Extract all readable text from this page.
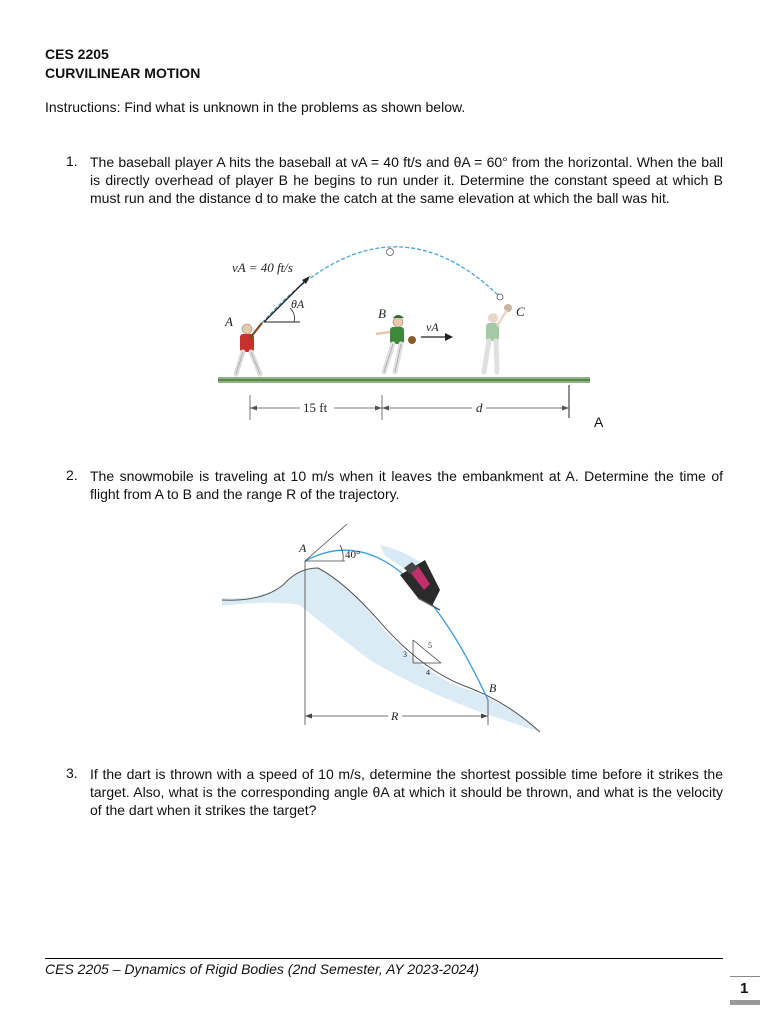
CES 2205
CURVILINEAR MOTION
Instructions: Find what is unknown in the problems as shown below.
1. The baseball player A hits the baseball at vA = 40 ft/s and θA = 60° from the horizontal. When the ball is directly overhead of player B he begins to run under it. Determine the constant speed at which B must run and the distance d to make the catch at the same elevation at which the ball was hit.
vA = 40 ft/s
θA
A
B
vA
C
15 ft	d
A
40°
A
3
5
4
B
R
2. The snowmobile is traveling at 10 m/s when it leaves the embankment at A. Determine the time of flight from A to B and the range R of the trajectory.
3. If the dart is thrown with a speed of 10 m/s, determine the shortest possible time before it strikes the target. Also, what is the corresponding angle θA at which it should be thrown, and what is the velocity of the dart when it strikes the target?
CES 2205 – Dynamics of Rigid Bodies (2nd Semester, AY 2023-2024)
1
